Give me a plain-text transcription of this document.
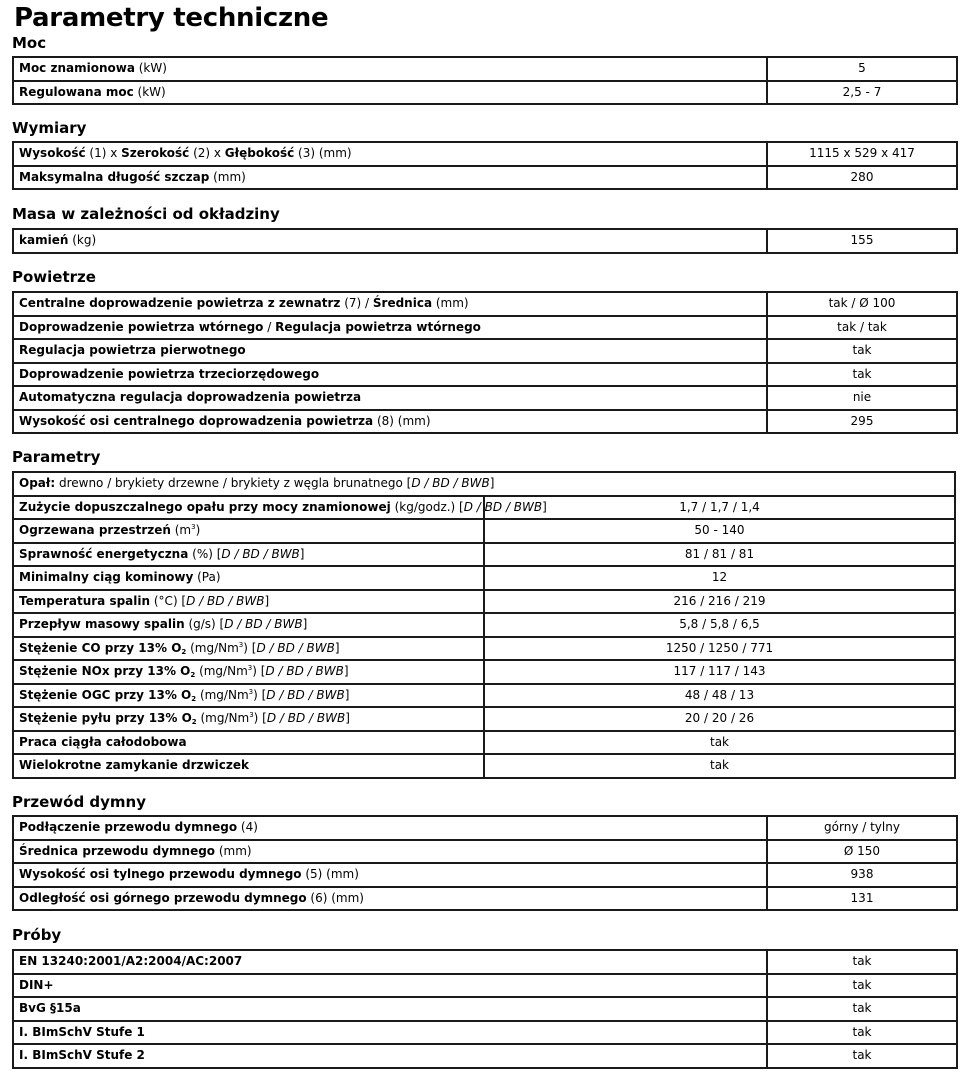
Parametry techniczne
Moc
Moc znamionowa (kW)	5
Regulowana moc (kW)	2,5 - 7
Wymiary
Wysokość (1) x Szerokość (2) x Głębokość (3) (mm)	1115 x 529 x 417
Maksymalna długość szczap (mm)	280
Masa w zależności od okładziny
kamień (kg)	155
Powietrze
Centralne doprowadzenie powietrza z zewnatrz (7) / Średnica (mm)	tak / Ø 100
Doprowadzenie powietrza wtórnego / Regulacja powietrza wtórnego	tak / tak
Regulacja powietrza pierwotnego	tak
Doprowadzenie powietrza trzeciorzędowego	tak
Automatyczna regulacja doprowadzenia powietrza	nie
Wysokość osi centralnego doprowadzenia powietrza (8) (mm)	295
Parametry
Opał: drewno / brykiety drzewne / brykiety z węgla brunatnego [D / BD / BWB]	
Zużycie dopuszczalnego opału przy mocy znamionowej (kg/godz.) [D / BD / BWB]	1,7 / 1,7 / 1,4
Ogrzewana przestrzeń $(m^3)$	50 - 140
Sprawność energetyczna (%) [D / BD / BWB]	81 / 81 / 81
Minimalny ciąg kominowy (Pa)	12
Temperatura spalin (°C) [D / BD / BWB]	216 / 216 / 219
Przepływ masowy spalin (g/s) [D / BD / BWB]	5,8 / 5,8 / 6,5
Stężenie CO przy 13% $O_2$ (mg/Nm$^3$) [D / BD / BWB]	1250 / 1250 / 771
Stężenie NOx przy 13% $O_2$ (mg/Nm$^3$) [D / BD / BWB]	117 / 117 / 143
Stężenie OGC przy 13% $O_2$ (mg/Nm$^3$) [D / BD / BWB]	48 / 48 / 13
Stężenie pyłu przy 13% $O_2$ (mg/Nm$^3$) [D / BD / BWB]	20 / 20 / 26
Praca ciągła całodobowa	tak
Wielokrotne zamykanie drzwiczek	tak
Przewód dymny
Podłączenie przewodu dymnego (4)	górny / tylny
Średnica przewodu dymnego (mm)	Ø 150
Wysokość osi tylnego przewodu dymnego (5) (mm)	938
Odległość osi górnego przewodu dymnego (6) (mm)	131
Próby
EN 13240:2001/A2:2004/AC:2007	tak
DIN+	tak
BvG §15a	tak
I. BImSchV Stufe 1	tak
I. BImSchV Stufe 2	tak
